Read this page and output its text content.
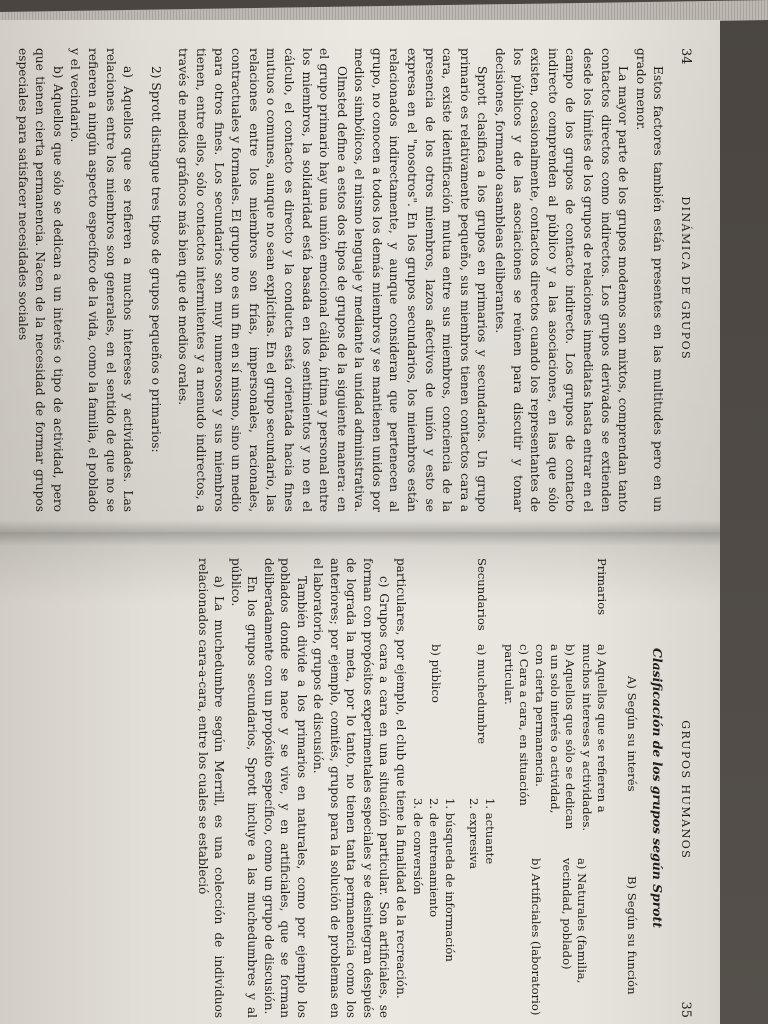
34
DINÁMICA DE GRUPOS

Estos factores también están presentes en las multitudes pero en un grado menor.

La mayor parte de los grupos modernos son mixtos, comprendan tanto contactos directos como indirectos. Los grupos derivados se extienden desde los límites de los grupos de relaciones inmediatas hasta entrar en el campo de los grupos de contacto indirecto. Los grupos de contacto indirecto comprenden al público y a las asociaciones, en las que sólo existen, ocasionalmente, contactos directos cuando los representantes de los públicos y de las asociaciones se reúnen para discutir y tomar decisiones, formando asambleas deliberantes.

Sprott clasifica a los grupos en primarios y secundarios. Un grupo primario es relativamente pequeño, sus miembros tienen contactos cara a cara, existe identificación mutua entre sus miembros, conciencia de la presencia de los otros miembros, lazos afectivos de unión y esto se expresa en el "nosotros". En los grupos secundarios, los miembros están relacionados indirectamente, y aunque consideran que pertenecen al grupo, no conocen a todos los demás miembros y se mantienen unidos por medios simbólicos, el mismo lenguaje y mediante la unidad administrativa.

Olmsted define a estos dos tipos de grupos de la siguiente manera: en el grupo primario hay una unión emocional cálida, íntima y personal entre los miembros, la solidaridad está basada en los sentimientos y no en el cálculo, el contacto es directo y la conducta está orientada hacia fines mutuos o comunes, aunque no sean explícitas. En el grupo secundario, las relaciones entre los miembros son frías, impersonales, racionales, contractuales y formales. El grupo no es un fin en sí mismo, sino un medio para otros fines. Los secundarios son muy numerosos y sus miembros tienen, entre ellos, sólo contactos intermitentes y a menudo indirectos, a través de medios gráficos más bien que de medios orales.

2) Sprott distingue tres tipos de grupos pequeños o primarios:

a) Aquellos que se refieren a muchos intereses y actividades. Las relaciones entre los miembros son generales, en el sentido de que no se refieren a ningún aspecto específico de la vida, como la familia, el poblado y el vecindario.

b) Aquellos que sólo se dedican a un interés o tipo de actividad, pero que tienen cierta permanencia. Nacen de la necesidad de formar grupos especiales para satisfacer necesidades sociales

GRUPOS HUMANOS
35
Clasificación de los grupos según Sprott
A) Según su interés
B) Según su función
Primarios
a) Aquellos que se refieren a muchos intereses y actividades.
b) Aquellos que sólo se dedican a un solo interés o actividad, con cierta permanencia.
c) Cara a cara, en situación particular.
a) Naturales (familia, vecindad, poblado)
b) Artificiales (laboratorio)
Secundarios
a) muchedumbre
1. actuante
2. expresiva
b) público
1. búsqueda de información
2. de entrenamiento
3. de conversión

particulares, por ejemplo, el club que tiene la finalidad de la recreación.

c) Grupos cara a cara en una situación particular. Son artificiales, se forman con propósitos experimentales especiales y se desintegran después de lograda la meta, por lo tanto, no tienen tanta permanencia como los anteriores; por ejemplo, comités, grupos para la solución de problemas en el laboratorio, grupos de discusión.

También divide a los primarios en naturales, como por ejemplo los poblados donde se nace y se vive, y en artificiales, que se forman deliberadamente con un propósito específico, como un grupo de discusión.

En los grupos secundarios, Sprott incluye a las muchedumbres y al público.

a) La muchedumbre según Merrill, es una colección de individuos relacionados cara-a-cara, entre los cuales se estableció
